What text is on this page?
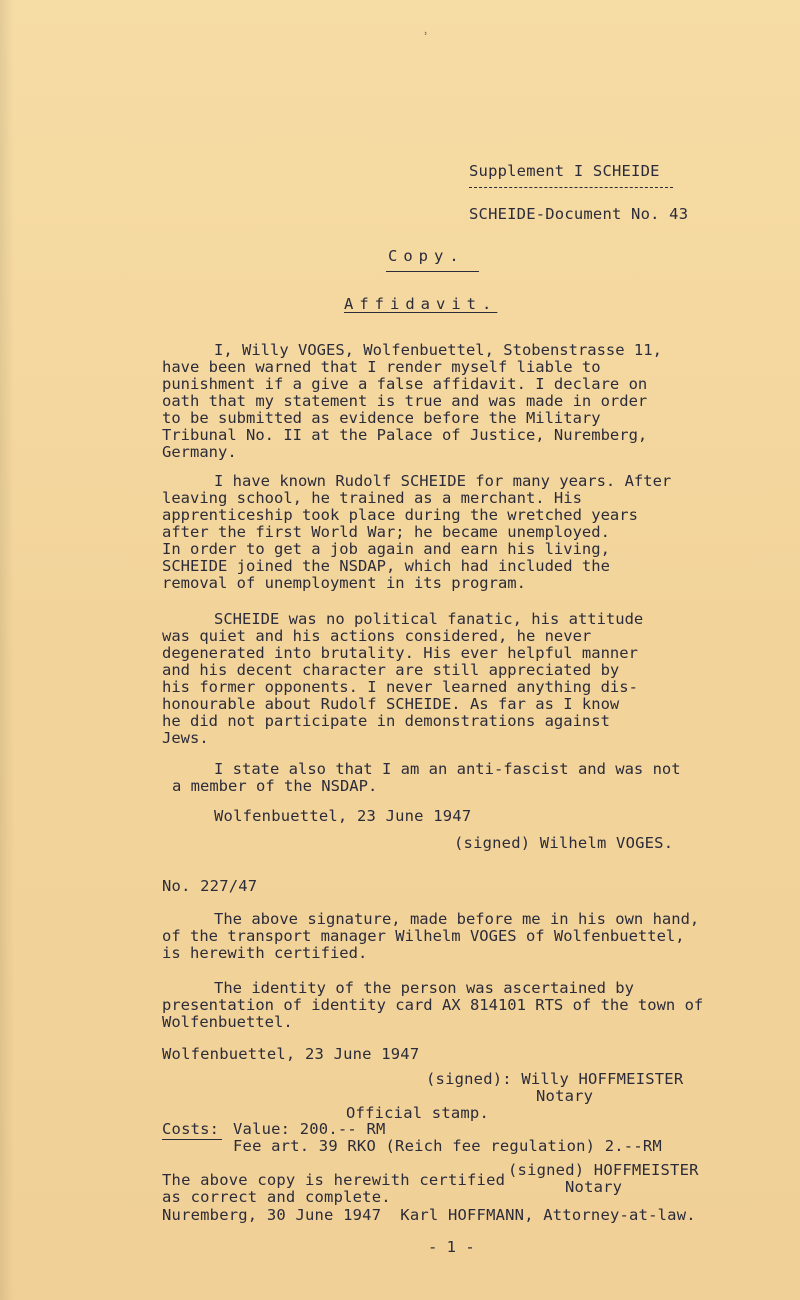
ʾ
Supplement I SCHEIDE
SCHEIDE-Document No. 43
Copy.
Affidavit.
I, Willy VOGES, Wolfenbuettel, Stobenstrasse 11,
have been warned that I render myself liable to
punishment if a give a false affidavit. I declare on
oath that my statement is true and was made in order
to be submitted as evidence before the Military
Tribunal No. II at the Palace of Justice, Nuremberg,
Germany.
I have known Rudolf SCHEIDE for many years. After
leaving school, he trained as a merchant. His
apprenticeship took place during the wretched years
after the first World War; he became unemployed.
In order to get a job again and earn his living,
SCHEIDE joined the NSDAP, which had included the
removal of unemployment in its program.
SCHEIDE was no political fanatic, his attitude
was quiet and his actions considered, he never
degenerated into brutality. His ever helpful manner
and his decent character are still appreciated by
his former opponents. I never learned anything dis-
honourable about Rudolf SCHEIDE. As far as I know
he did not participate in demonstrations against
Jews.
I state also that I am an anti-fascist and was not
a member of the NSDAP.
Wolfenbuettel, 23 June 1947
(signed) Wilhelm VOGES.
No. 227/47
The above signature, made before me in his own hand,
of the transport manager Wilhelm VOGES of Wolfenbuettel,
is herewith certified.
The identity of the person was ascertained by
presentation of identity card AX 814101 RTS of the town of
Wolfenbuettel.
Wolfenbuettel, 23 June 1947
(signed): Willy HOFFMEISTER
Notary
Official stamp.
Costs: Value: 200.-- RM
Fee art. 39 RKO (Reich fee regulation) 2.--RM
The above copy is herewith certified
(signed) HOFFMEISTER
Notary
as correct and complete.
Nuremberg, 30 June 1947  Karl HOFFMANN, Attorney-at-law.
- 1 -
